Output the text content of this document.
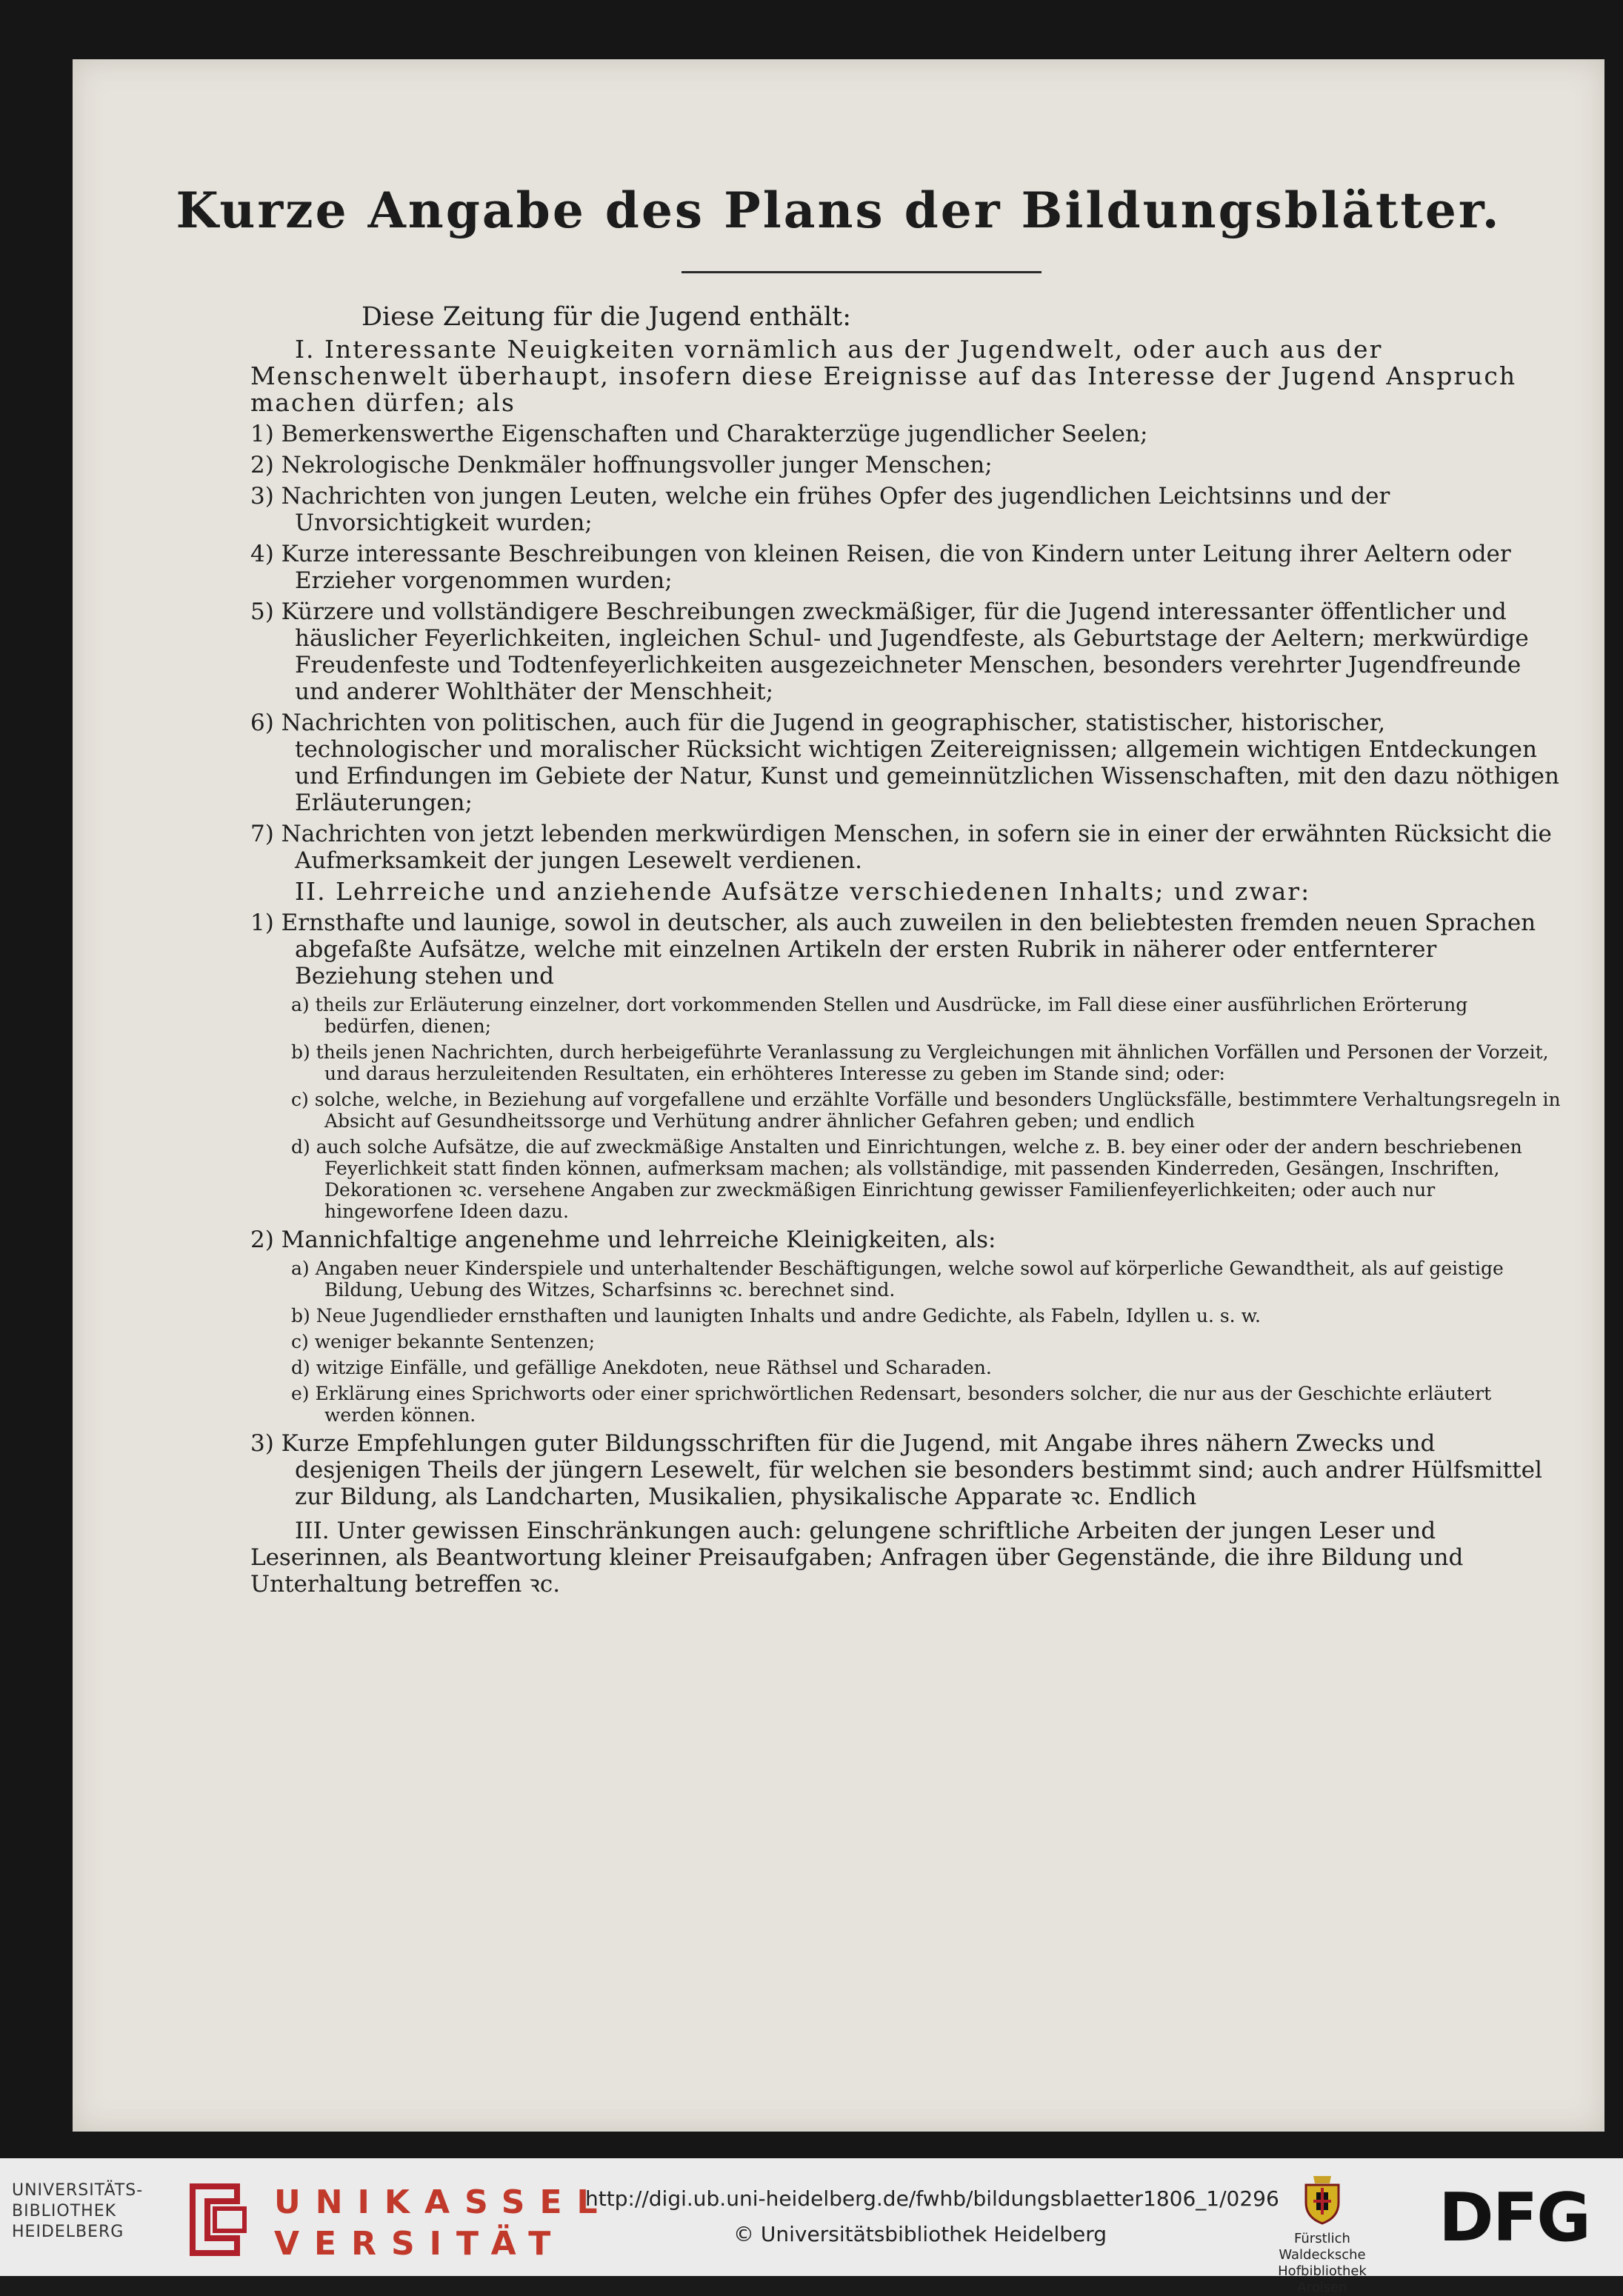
Kurze Angabe des Plans der Bildungsblätter.

Diese Zeitung für die Jugend enthält:

I. Interessante Neuigkeiten vornämlich aus der Jugendwelt, oder auch aus der Menschenwelt überhaupt, insofern diese Ereignisse auf das Interesse der Jugend Anspruch machen dürfen; als

1) Bemerkenswerthe Eigenschaften und Charakterzüge jugendlicher Seelen;

2) Nekrologische Denkmäler hoffnungsvoller junger Menschen;

3) Nachrichten von jungen Leuten, welche ein frühes Opfer des jugendlichen Leichtsinns und der Unvorsichtigkeit wurden;

4) Kurze interessante Beschreibungen von kleinen Reisen, die von Kindern unter Leitung ihrer Aeltern oder Erzieher vorgenommen wurden;

5) Kürzere und vollständigere Beschreibungen zweckmäßiger, für die Jugend interessanter öffentlicher und häuslicher Feyerlichkeiten, ingleichen Schul- und Jugendfeste, als Geburtstage der Aeltern; merkwürdige Freudenfeste und Todtenfeyerlichkeiten ausgezeichneter Menschen, besonders verehrter Jugendfreunde und anderer Wohlthäter der Menschheit;

6) Nachrichten von politischen, auch für die Jugend in geographischer, statistischer, historischer, technologischer und moralischer Rücksicht wichtigen Zeitereignissen; allgemein wichtigen Entdeckungen und Erfindungen im Gebiete der Natur, Kunst und gemeinnützlichen Wissenschaften, mit den dazu nöthigen Erläuterungen;

7) Nachrichten von jetzt lebenden merkwürdigen Menschen, in sofern sie in einer der erwähnten Rücksicht die Aufmerksamkeit der jungen Lesewelt verdienen.

II. Lehrreiche und anziehende Aufsätze verschiedenen Inhalts; und zwar:

1) Ernsthafte und launige, sowol in deutscher, als auch zuweilen in den beliebtesten fremden neuen Sprachen abgefaßte Aufsätze, welche mit einzelnen Artikeln der ersten Rubrik in näherer oder entfernterer Beziehung stehen und

a) theils zur Erläuterung einzelner, dort vorkommenden Stellen und Ausdrücke, im Fall diese einer ausführlichen Erörterung bedürfen, dienen;

b) theils jenen Nachrichten, durch herbeigeführte Veranlassung zu Vergleichungen mit ähnlichen Vorfällen und Personen der Vorzeit, und daraus herzuleitenden Resultaten, ein erhöhteres Interesse zu geben im Stande sind; oder:

c) solche, welche, in Beziehung auf vorgefallene und erzählte Vorfälle und besonders Unglücksfälle, bestimmtere Verhaltungsregeln in Absicht auf Gesundheitssorge und Verhütung andrer ähnlicher Gefahren geben; und endlich

d) auch solche Aufsätze, die auf zweckmäßige Anstalten und Einrichtungen, welche z. B. bey einer oder der andern beschriebenen Feyerlichkeit statt finden können, aufmerksam machen; als vollständige, mit passenden Kinderreden, Gesängen, Inschriften, Dekorationen ꝛc. versehene Angaben zur zweckmäßigen Einrichtung gewisser Familienfeyerlichkeiten; oder auch nur hingeworfene Ideen dazu.

2) Mannichfaltige angenehme und lehrreiche Kleinigkeiten, als:

a) Angaben neuer Kinderspiele und unterhaltender Beschäftigungen, welche sowol auf körperliche Gewandtheit, als auf geistige Bildung, Uebung des Witzes, Scharfsinns ꝛc. berechnet sind.

b) Neue Jugendlieder ernsthaften und launigten Inhalts und andre Gedichte, als Fabeln, Idyllen u. s. w.

c) weniger bekannte Sentenzen;

d) witzige Einfälle, und gefällige Anekdoten, neue Räthsel und Scharaden.

e) Erklärung eines Sprichworts oder einer sprichwörtlichen Redensart, besonders solcher, die nur aus der Geschichte erläutert werden können.

3) Kurze Empfehlungen guter Bildungsschriften für die Jugend, mit Angabe ihres nähern Zwecks und desjenigen Theils der jüngern Lesewelt, für welchen sie besonders bestimmt sind; auch andrer Hülfsmittel zur Bildung, als Landcharten, Musikalien, physikalische Apparate ꝛc. Endlich

III. Unter gewissen Einschränkungen auch: gelungene schriftliche Arbeiten der jungen Leser und Leserinnen, als Beantwortung kleiner Preisaufgaben; Anfragen über Gegenstände, die ihre Bildung und Unterhaltung betreffen ꝛc.

UNIVERSITÄTS-
BIBLIOTHEK
HEIDELBERG
UNIKASSEL
VERSITÄT
http://digi.ub.uni-heidelberg.de/fwhb/bildungsblaetter1806_1/0296
© Universitätsbibliothek Heidelberg	Fürstlich Waldecksche
Hofbibliothek Arolsen
DFG
